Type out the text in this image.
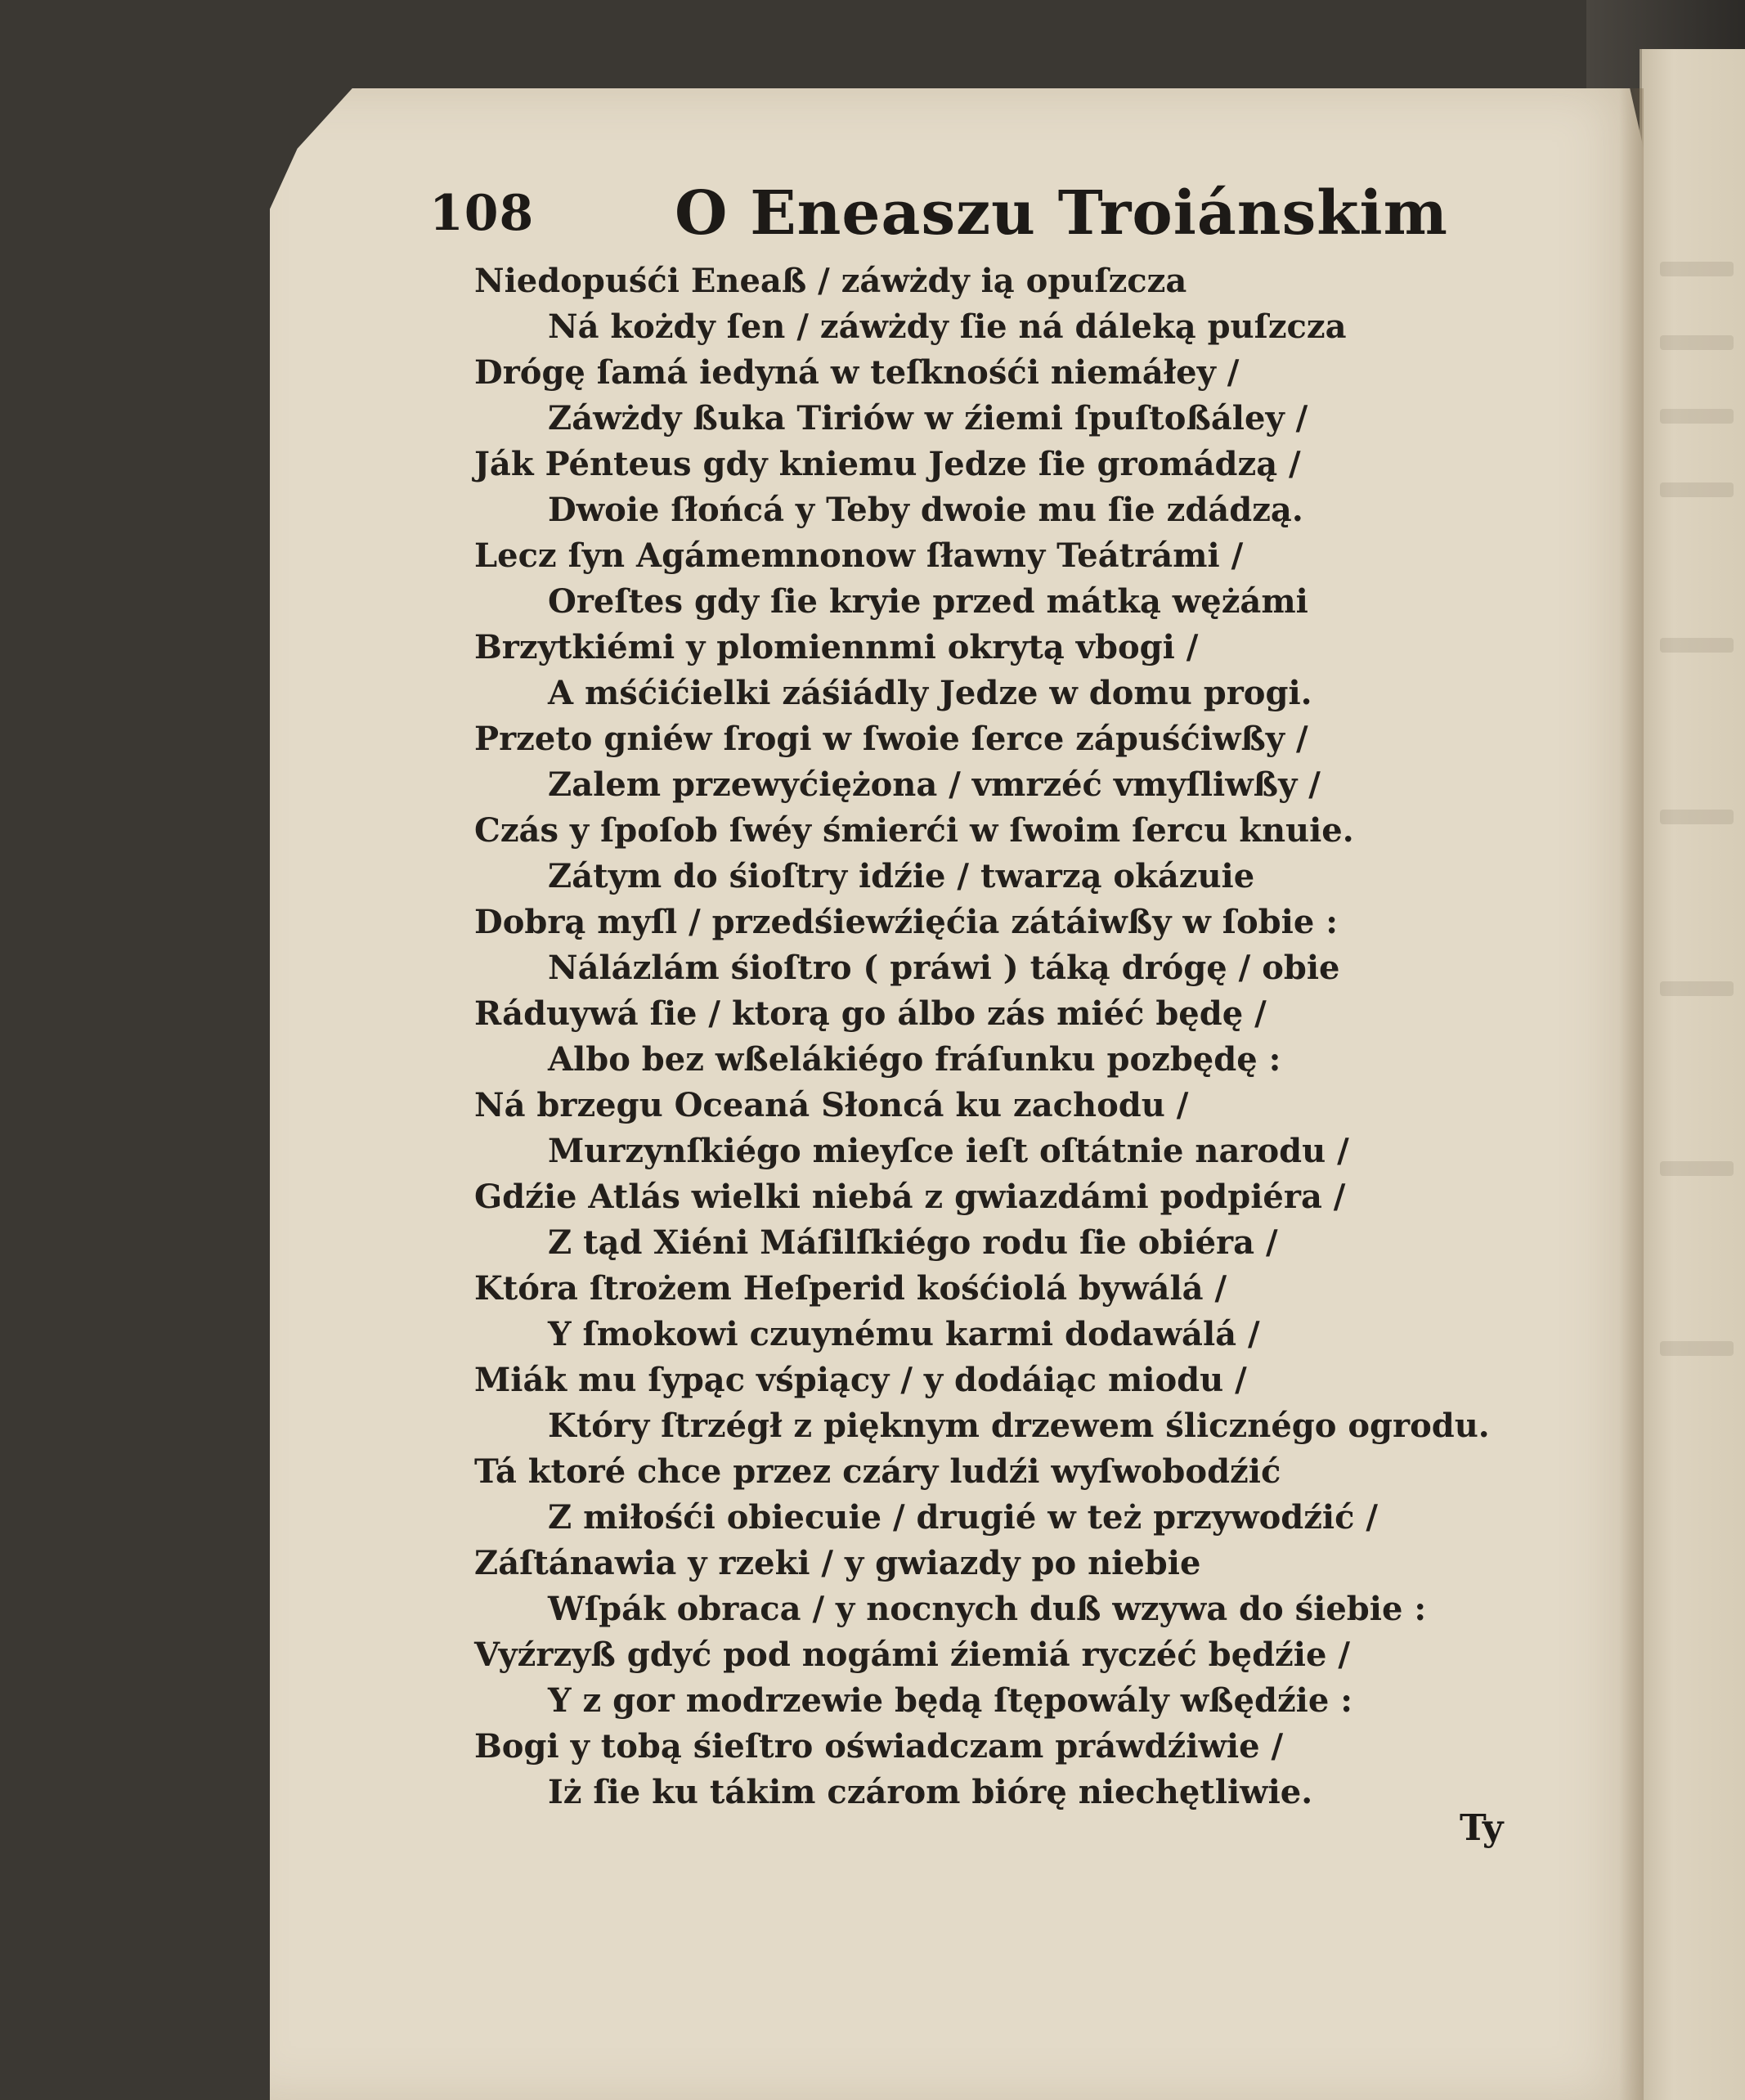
108 O Eneaszu Troiánskim
Niedopuśći Eneaß / záwżdy ią opuſzcza
Ná kożdy ſen / záwżdy ſie ná dáleką puſzcza
Drógę ſamá iedyná w teſknośći niemáłey /
Záwżdy ßuka Tiriów w źiemi ſpuſtoßáley /
Ják Pénteus gdy kniemu Jedze ſie gromádzą /
Dwoie ſłońcá y Teby dwoie mu ſie zdádzą.
Lecz ſyn Agámemnonow ſławny Teátrámi /
Oreſtes gdy ſie kryie przed mátką wężámi
Brzytkiémi y plomiennmi okrytą vbogi /
A mśćićielki záśiádly Jedze w domu progi.
Przeto gniéw ſrogi w ſwoie ſerce zápuśćiwßy /
Zalem przewyćiężona / vmrzéć vmyſliwßy /
Czás y ſpoſob ſwéy śmierći w ſwoim ſercu knuie.
Zátym do śioſtry idźie / twarzą okázuie
Dobrą myſl / przedśiewźięćia zátáiwßy w ſobie :
Nálázlám śioſtro ( práwi ) táką drógę / obie
Ráduywá ſie / ktorą go álbo zás miéć będę /
Albo bez wßelákiégo fráſunku pozbędę :
Ná brzegu Oceaná Słoncá ku zachodu /
Murzynſkiégo mieyſce ieſt oſtátnie narodu /
Gdźie Atlás wielki niebá z gwiazdámi podpiéra /
Z tąd Xiéni Máſilſkiégo rodu ſie obiéra /
Która ſtrożem Heſperid kośćiolá bywálá /
Y ſmokowi czuynému karmi dodawálá /
Miák mu ſypąc vśpiący / y dodáiąc miodu /
Który ſtrzégł z pięknym drzewem ślicznégo ogrodu.
Tá ktoré chce przez czáry ludźi wyſwobodźić
Z miłośći obiecuie / drugié w też przywodźić /
Záſtánawia y rzeki / y gwiazdy po niebie
Wſpák obraca / y nocnych duß wzywa do śiebie :
Vyźrzyß gdyć pod nogámi źiemiá ryczéć będźie /
Y z gor modrzewie będą ſtępowály wßędźie :
Bogi y tobą śieſtro oświadczam práwdźiwie /
Iż ſie ku tákim czárom biórę niechętliwie.
Ty
